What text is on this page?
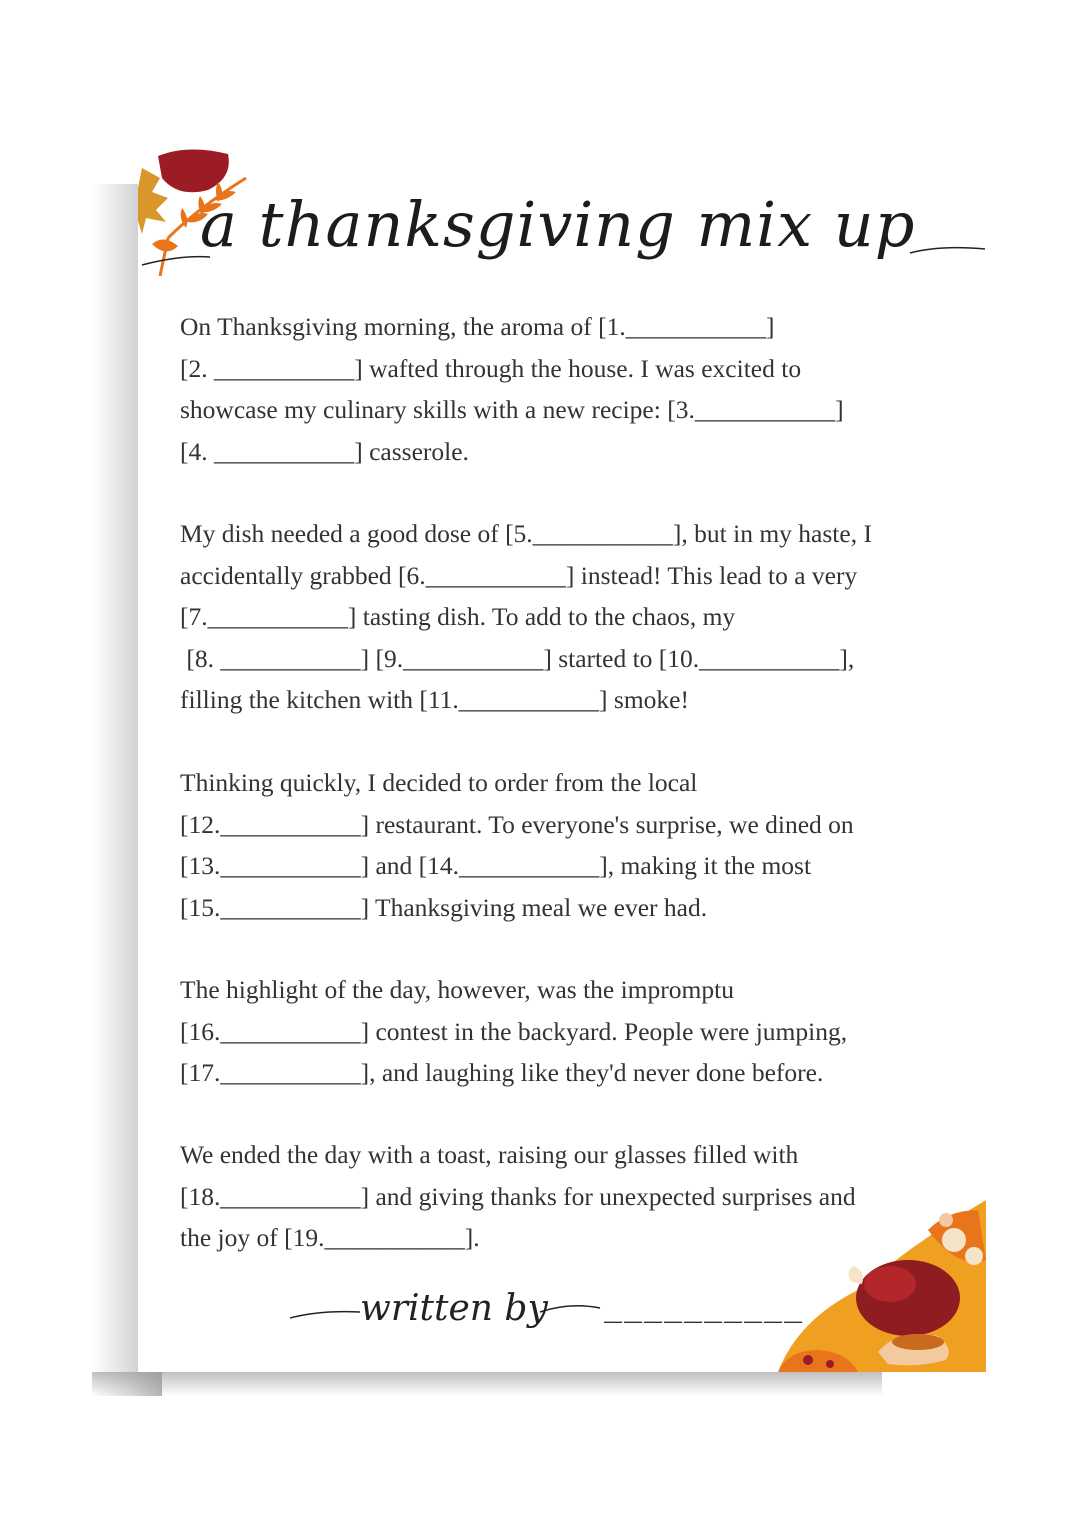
a thanksgiving mix up
On Thanksgiving morning, the aroma of [1.___________]
[2. ___________] wafted through the house. I was excited to
showcase my culinary skills with a new recipe: [3.___________]
[4. ___________] casserole.
My dish needed a good dose of [5.___________], but in my haste, I
accidentally grabbed [6.___________] instead! This lead to a very
[7.___________] tasting dish. To add to the chaos, my
[8. ___________] [9.___________] started to [10.___________],
filling the kitchen with [11.___________] smoke!
Thinking quickly, I decided to order from the local
[12.___________] restaurant. To everyone's surprise, we dined on
[13.___________] and [14.___________], making it the most
[15.___________] Thanksgiving meal we ever had.
The highlight of the day, however, was the impromptu
[16.___________] contest in the backyard. People were jumping,
[17.___________], and laughing like they'd never done before.
We ended the day with a toast, raising our glasses filled with
[18.___________] and giving thanks for unexpected surprises and
the joy of [19.___________].
written by __________
